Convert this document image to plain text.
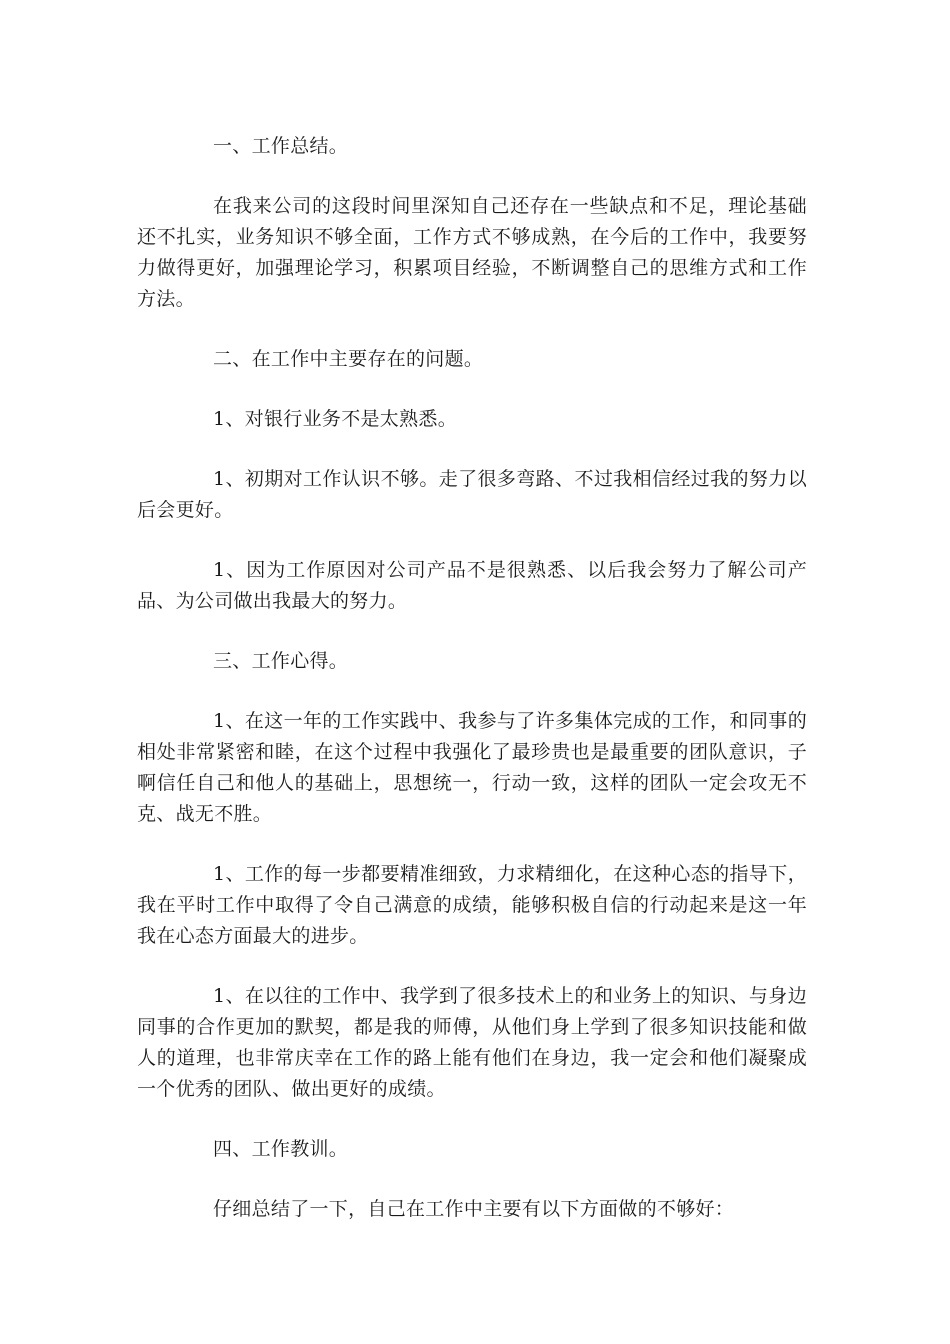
一、工作总结。

在我来公司的这段时间里深知自己还存在一些缺点和不足，理论基础还不扎实，业务知识不够全面，工作方式不够成熟，在今后的工作中，我要努力做得更好，加强理论学习，积累项目经验，不断调整自己的思维方式和工作方法。

二、在工作中主要存在的问题。

1、对银行业务不是太熟悉。

1、初期对工作认识不够。走了很多弯路、不过我相信经过我的努力以后会更好。

1、因为工作原因对公司产品不是很熟悉、以后我会努力了解公司产品、为公司做出我最大的努力。

三、工作心得。

1、在这一年的工作实践中、我参与了许多集体完成的工作，和同事的相处非常紧密和睦，在这个过程中我强化了最珍贵也是最重要的团队意识，子啊信任自己和他人的基础上，思想统一，行动一致，这样的团队一定会攻无不克、战无不胜。

1、工作的每一步都要精准细致，力求精细化，在这种心态的指导下，我在平时工作中取得了令自己满意的成绩，能够积极自信的行动起来是这一年我在心态方面最大的进步。

1、在以往的工作中、我学到了很多技术上的和业务上的知识、与身边同事的合作更加的默契，都是我的师傅，从他们身上学到了很多知识技能和做人的道理，也非常庆幸在工作的路上能有他们在身边，我一定会和他们凝聚成一个优秀的团队、做出更好的成绩。

四、工作教训。

仔细总结了一下，自己在工作中主要有以下方面做的不够好：
